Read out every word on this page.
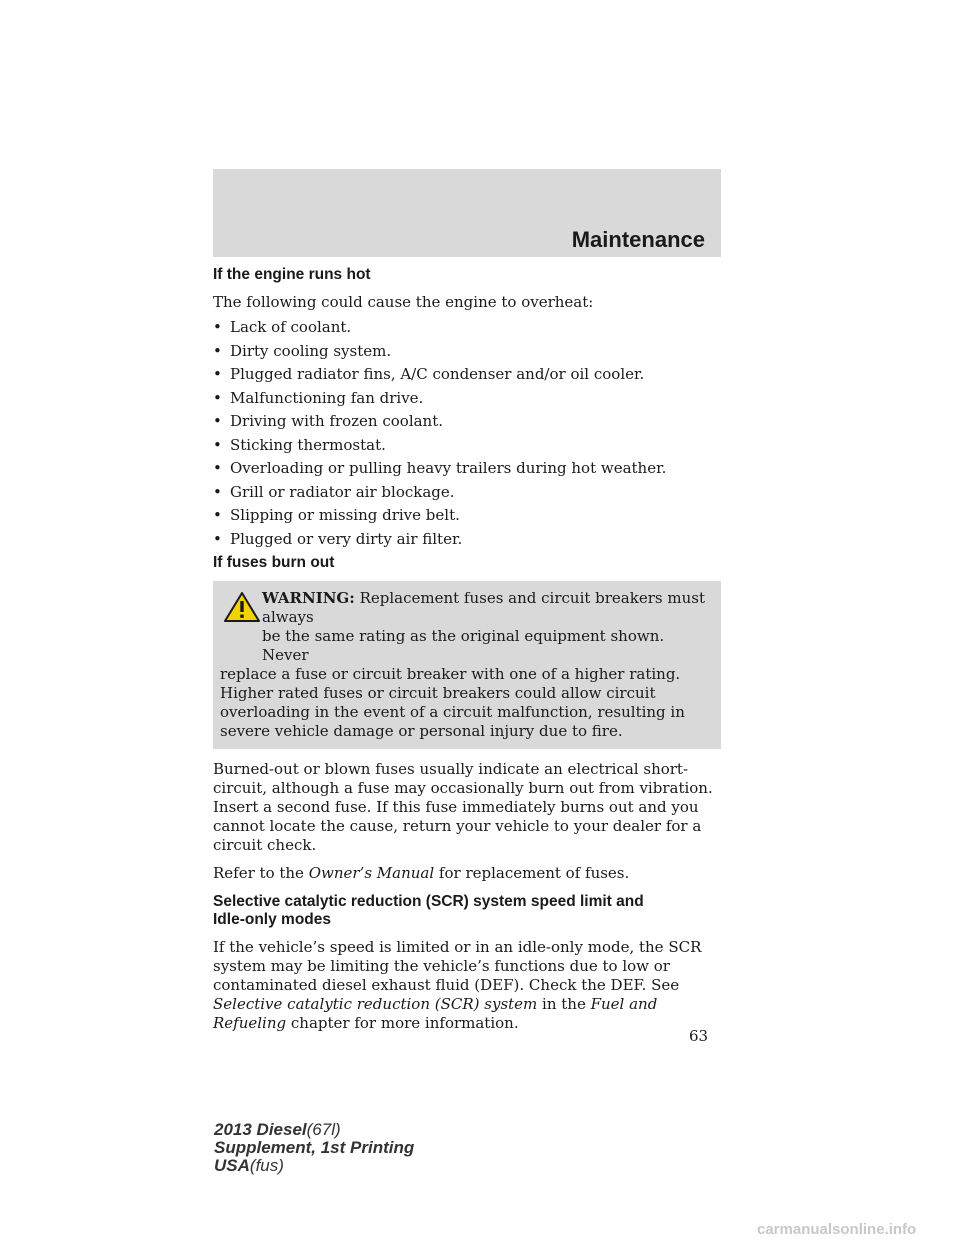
Maintenance
If the engine runs hot

The following could cause the engine to overheat:

• Lack of coolant.
• Dirty cooling system.
• Plugged radiator fins, A/C condenser and/or oil cooler.
• Malfunctioning fan drive.
• Driving with frozen coolant.
• Sticking thermostat.
• Overloading or pulling heavy trailers during hot weather.
• Grill or radiator air blockage.
• Slipping or missing drive belt.
• Plugged or very dirty air filter.
If fuses burn out
WARNING: Replacement fuses and circuit breakers must always
be the same rating as the original equipment shown. Never
replace a fuse or circuit breaker with one of a higher rating. Higher rated fuses or circuit breakers could allow circuit overloading in the event of a circuit malfunction, resulting in severe vehicle damage or personal injury due to fire.

Burned-out or blown fuses usually indicate an electrical short-circuit, although a fuse may occasionally burn out from vibration. Insert a second fuse. If this fuse immediately burns out and you cannot locate the cause, return your vehicle to your dealer for a circuit check.

Refer to the Owner’s Manual for replacement of fuses.

Selective catalytic reduction (SCR) system speed limit and
Idle-only modes

If the vehicle’s speed is limited or in an idle-only mode, the SCR system may be limiting the vehicle’s functions due to low or contaminated diesel exhaust fluid (DEF). Check the DEF. See Selective catalytic reduction (SCR) system in the Fuel and Refueling chapter for more information.

63
2013 Diesel(67l)
Supplement, 1st Printing
USA(fus)
carmanualsonline.info
